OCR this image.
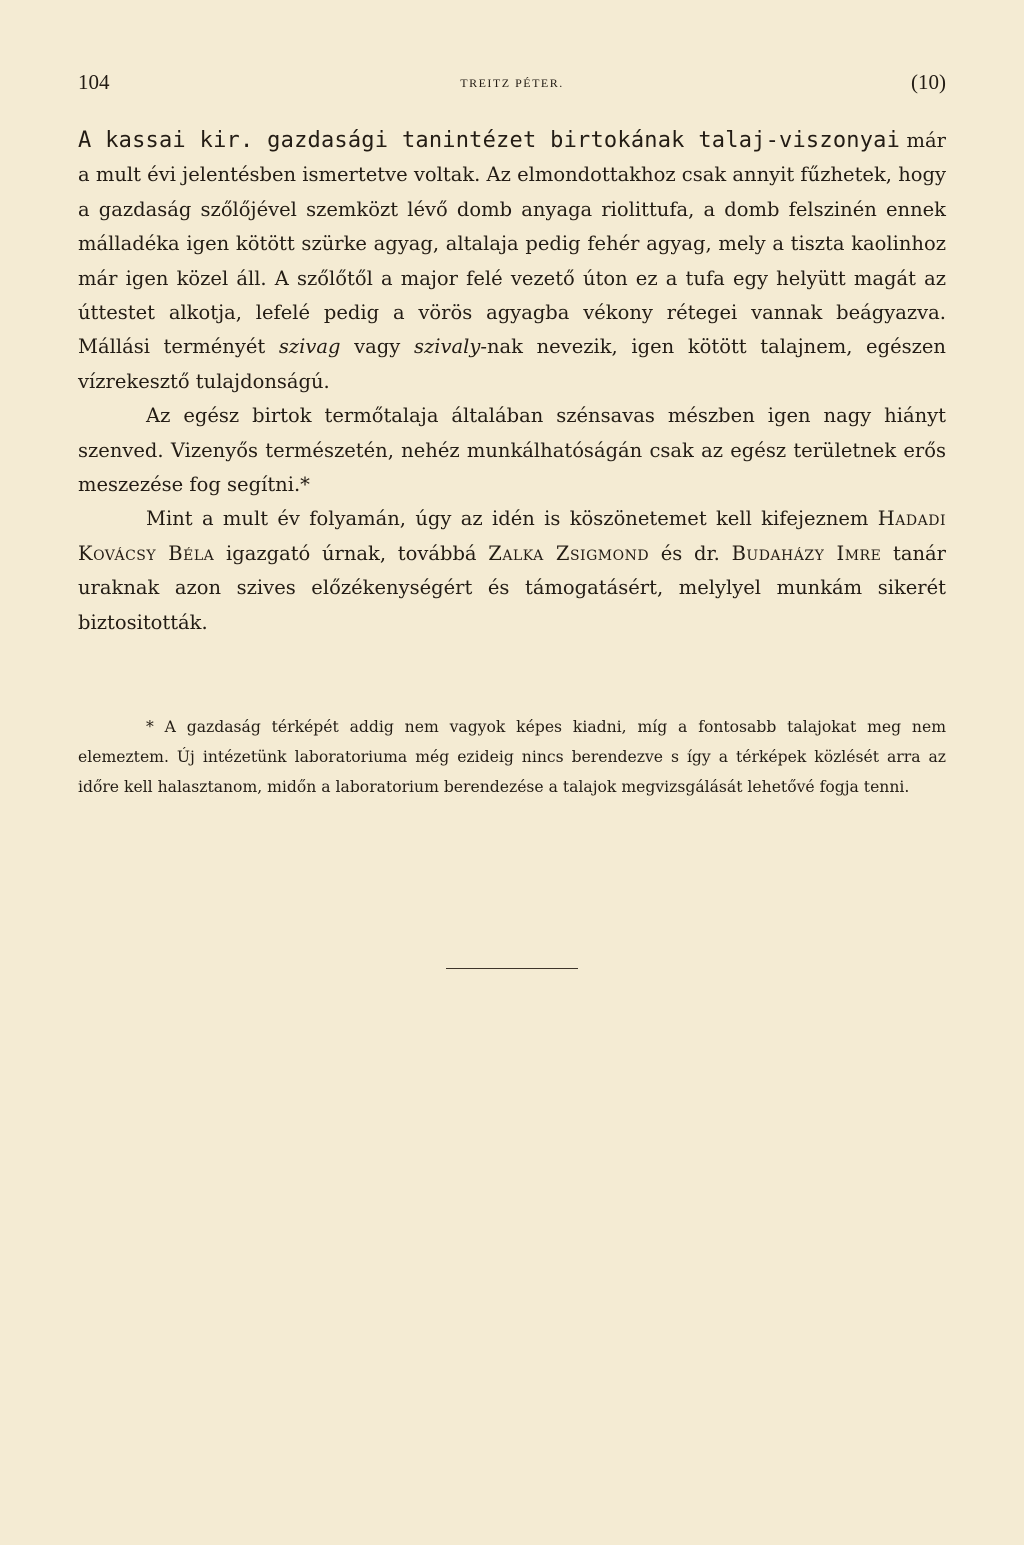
104	TREITZ PÉTER.	(10)

A kassai kir. gazdasági tanintézet birtokának talaj-viszonyai már a mult évi jelentésben ismertetve voltak. Az elmondottakhoz csak annyit fűzhetek, hogy a gazdaság szőlőjével szemközt lévő domb anyaga riolittufa, a domb felszinén ennek málladéka igen kötött szürke agyag, altalaja pedig fehér agyag, mely a tiszta kaolinhoz már igen közel áll. A szőlőtől a major felé vezető úton ez a tufa egy helyütt magát az úttestet alkotja, lefelé pedig a vörös agyagba vékony rétegei vannak beágyazva. Mállási terményét szivag vagy szivaly-nak nevezik, igen kötött talajnem, egészen vízrekesztő tulajdonságú.

Az egész birtok termőtalaja általában szénsavas mészben igen nagy hiányt szenved. Vizenyős természetén, nehéz munkálhatóságán csak az egész területnek erős meszezése fog segítni.*

Mint a mult év folyamán, úgy az idén is köszönetemet kell kifejeznem Hadadi Kovácsy Béla igazgató úrnak, továbbá Zalka Zsigmond és dr. Budaházy Imre tanár uraknak azon szives előzékenységért és támogatásért, melylyel munkám sikerét biztositották.

* A gazdaság térképét addig nem vagyok képes kiadni, míg a fontosabb talajokat meg nem elemeztem. Új intézetünk laboratoriuma még ezideig nincs berendezve s így a térképek közlését arra az időre kell halasztanom, midőn a laboratorium berendezése a talajok megvizsgálását lehetővé fogja tenni.
